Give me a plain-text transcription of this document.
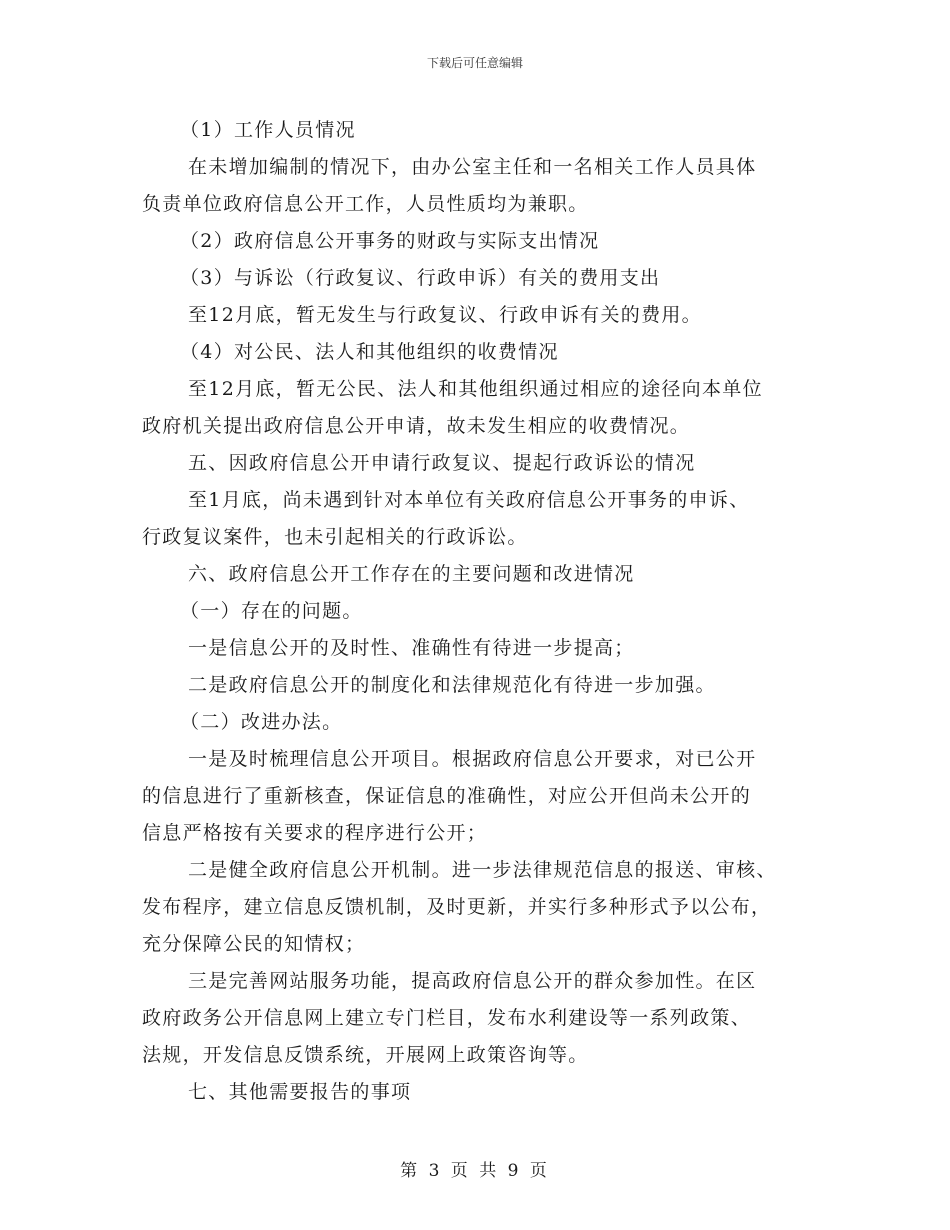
下载后可任意编辑
（1）工作人员情况
在未增加编制的情况下，由办公室主任和一名相关工作人员具体
负责单位政府信息公开工作，人员性质均为兼职。
（2）政府信息公开事务的财政与实际支出情况
（3）与诉讼（行政复议、行政申诉）有关的费用支出
至12月底，暂无发生与行政复议、行政申诉有关的费用。
（4）对公民、法人和其他组织的收费情况
至12月底，暂无公民、法人和其他组织通过相应的途径向本单位
政府机关提出政府信息公开申请，故未发生相应的收费情况。
五、因政府信息公开申请行政复议、提起行政诉讼的情况
至1月底，尚未遇到针对本单位有关政府信息公开事务的申诉、
行政复议案件，也未引起相关的行政诉讼。
六、政府信息公开工作存在的主要问题和改进情况
（一）存在的问题。
一是信息公开的及时性、准确性有待进一步提高；
二是政府信息公开的制度化和法律规范化有待进一步加强。
（二）改进办法。
一是及时梳理信息公开项目。根据政府信息公开要求，对已公开
的信息进行了重新核查，保证信息的准确性，对应公开但尚未公开的
信息严格按有关要求的程序进行公开；
二是健全政府信息公开机制。进一步法律规范信息的报送、审核、
发布程序，建立信息反馈机制，及时更新，并实行多种形式予以公布，
充分保障公民的知情权；
三是完善网站服务功能，提高政府信息公开的群众参加性。在区
政府政务公开信息网上建立专门栏目，发布水利建设等一系列政策、
法规，开发信息反馈系统，开展网上政策咨询等。
七、其他需要报告的事项
第 3 页 共 9 页
